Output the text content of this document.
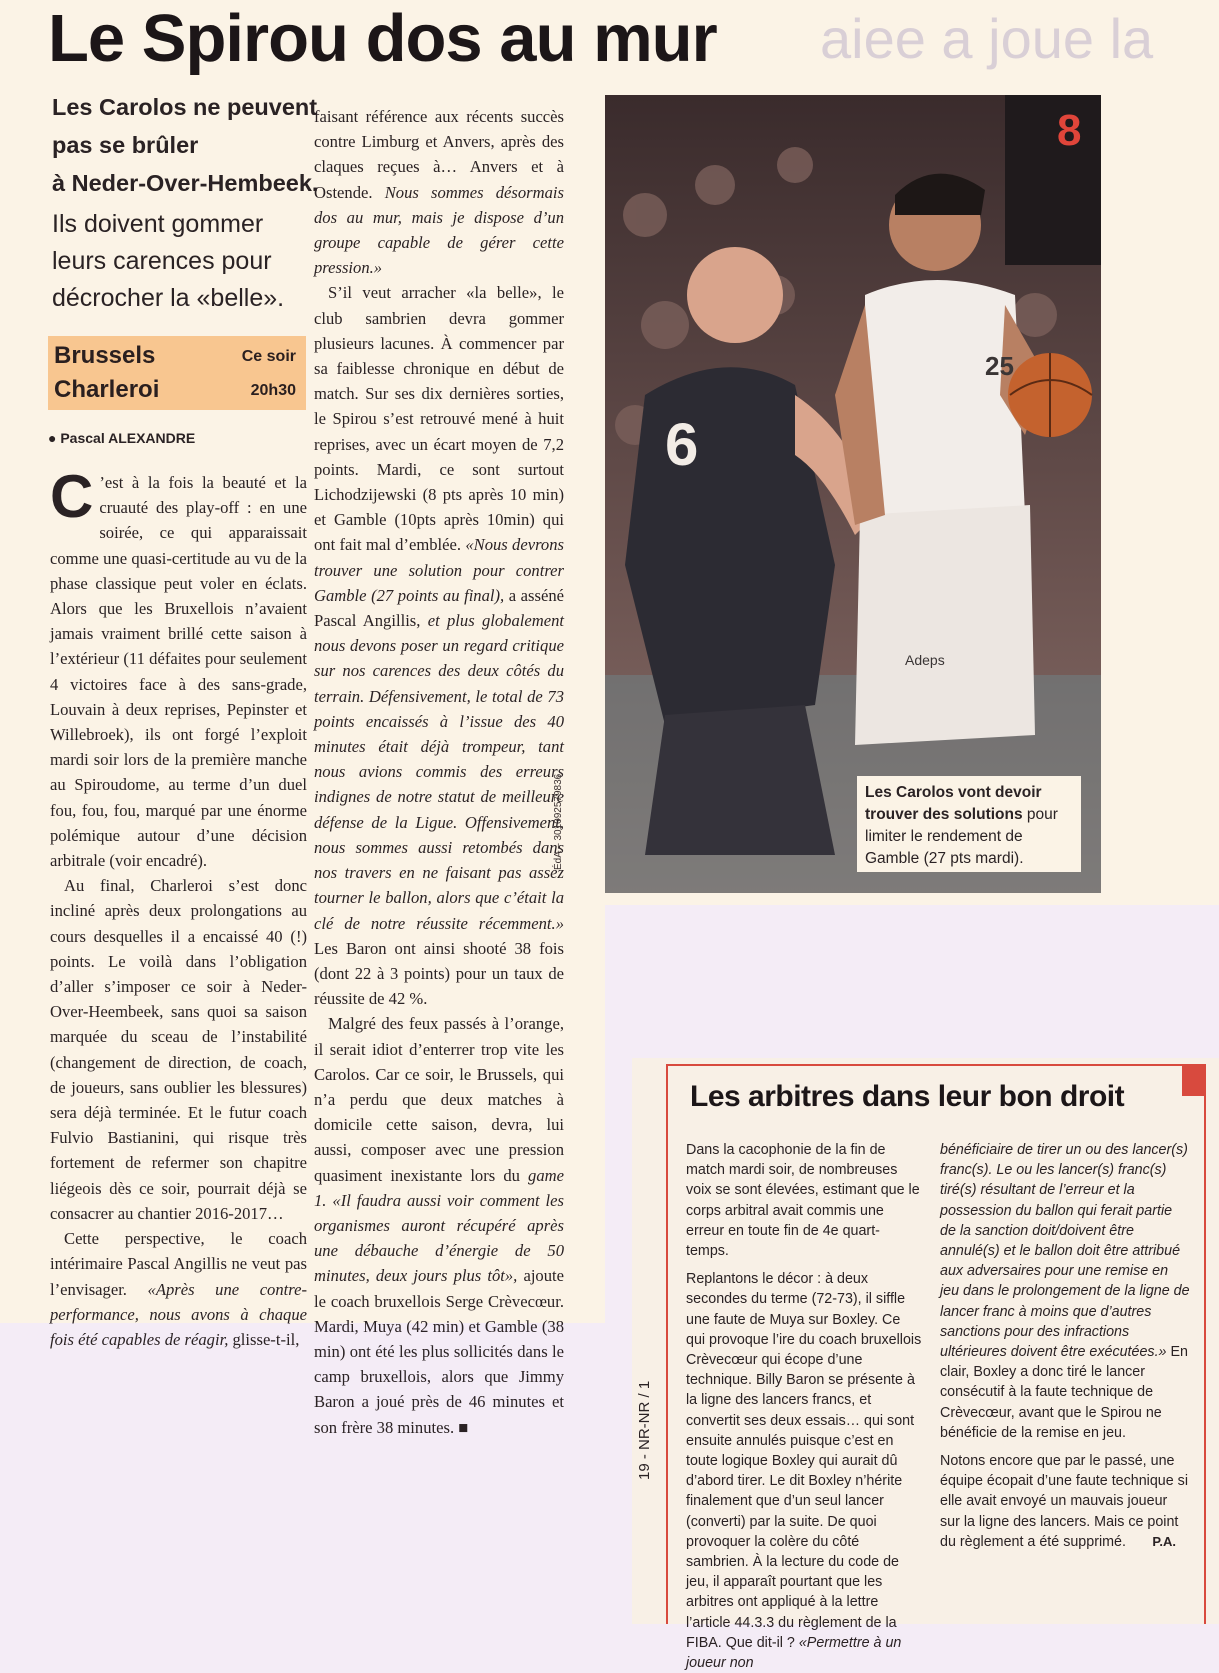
aiee a joue la
Le Spirou dos au mur
Les Carolos ne peuvent
pas se brûler
à Neder-Over-Hembeek.
Ils doivent gommer
leurs carences pour
décrocher la «belle».
Brussels
Charleroi
Ce soir
20h30
● Pascal ALEXANDRE

C ’est à la fois la beauté et la cruauté des play-off : en une soirée, ce qui apparaissait comme une quasi-certitude au vu de la phase classique peut voler en éclats. Alors que les Bruxellois n’avaient jamais vraiment brillé cette saison à l’extérieur (11 défaites pour seulement 4 victoires face à des sans-grade, Louvain à deux reprises, Pepinster et Willebroek), ils ont forgé l’exploit mardi soir lors de la première manche au Spiroudome, au terme d’un duel fou, fou, fou, marqué par une énorme polémique autour d’une décision arbitrale (voir encadré).

Au final, Charleroi s’est donc incliné après deux prolongations au cours desquelles il a encaissé 40 (!) points. Le voilà dans l’obligation d’aller s’imposer ce soir à Neder-Over-Heembeek, sans quoi sa saison marquée du sceau de l’instabilité (changement de direction, de coach, de joueurs, sans oublier les blessures) sera déjà terminée. Et le futur coach Fulvio Bastianini, qui risque très fortement de refermer son chapitre liégeois dès ce soir, pourrait déjà se consacrer au chantier 2016-2017…

Cette perspective, le coach intérimaire Pascal Angillis ne veut pas l’envisager. «Après une contre-performance, nous avons à chaque fois été capables de réagir, glisse-t-il,

faisant référence aux récents succès contre Limburg et Anvers, après des claques reçues à… Anvers et à Ostende. Nous sommes désormais dos au mur, mais je dispose d’un groupe capable de gérer cette pression.»

S’il veut arracher «la belle», le club sambrien devra gommer plusieurs lacunes. À commencer par sa faiblesse chronique en début de match. Sur ses dix dernières sorties, le Spirou s’est retrouvé mené à huit reprises, avec un écart moyen de 7,2 points. Mardi, ce sont surtout Lichodzijewski (8 pts après 10 min) et Gamble (10pts après 10min) qui ont fait mal d’emblée. «Nous devrons trouver une solution pour contrer Gamble (27 points au final), a asséné Pascal Angillis, et plus globalement nous devons poser un regard critique sur nos carences des deux côtés du terrain. Défensivement, le total de 73 points encaissés à l’issue des 40 minutes était déjà trompeur, tant nous avions commis des erreurs indignes de notre statut de meilleure défense de la Ligue. Offensivement, nous sommes aussi retombés dans nos travers en ne faisant pas assez tourner le ballon, alors que c’était la clé de notre réussite récemment.» Les Baron ont ainsi shooté 38 fois (dont 22 à 3 points) pour un taux de réussite de 42 %.

Malgré des feux passés à l’orange, il serait idiot d’enterrer trop vite les Carolos. Car ce soir, le Brussels, qui n’a perdu que deux matches à domicile cette saison, devra, lui aussi, composer avec une pression quasiment inexistante lors du game 1. «Il faudra aussi voir comment les organismes auront récupéré après une débauche d’énergie de 50 minutes, deux jours plus tôt», ajoute le coach bruxellois Serge Crèvecœur. Mardi, Muya (42 min) et Gamble (38 min) ont été les plus sollicités dans le camp bruxellois, alors que Jimmy Baron a joué près de 46 minutes et son frère 38 minutes. ■

ÉdA – 301092579836
8
6
25
Adeps
Les Carolos vont devoir trouver des solutions pour limiter le rendement de Gamble (27 pts mardi).
Les arbitres dans leur bon droit

Dans la cacophonie de la fin de match mardi soir, de nombreuses voix se sont élevées, estimant que le corps arbitral avait commis une erreur en toute fin de 4e quart-temps.

Replantons le décor : à deux secondes du terme (72-73), il siffle une faute de Muya sur Boxley. Ce qui provoque l’ire du coach bruxellois Crèvecœur qui écope d’une technique. Billy Baron se présente à la ligne des lancers francs, et convertit ses deux essais… qui sont ensuite annulés puisque c’est en toute logique Boxley qui aurait dû d’abord tirer. Le dit Boxley n’hérite finalement que d’un seul lancer (converti) par la suite. De quoi provoquer la colère du côté sambrien. À la lecture du code de jeu, il apparaît pourtant que les arbitres ont appliqué à la lettre l’article 44.3.3 du règlement de la FIBA. Que dit-il ? «Permettre à un joueur non

bénéficiaire de tirer un ou des lancer(s) franc(s). Le ou les lancer(s) franc(s) tiré(s) résultant de l’erreur et la possession du ballon qui ferait partie de la sanction doit/doivent être annulé(s) et le ballon doit être attribué aux adversaires pour une remise en jeu dans le prolongement de la ligne de lancer franc à moins que d’autres sanctions pour des infractions ultérieures doivent être exécutées.» En clair, Boxley a donc tiré le lancer consécutif à la faute technique de Crèvecœur, avant que le Spirou ne bénéficie de la remise en jeu.

Notons encore que par le passé, une équipe écopait d’une faute technique si elle avait envoyé un mauvais joueur sur la ligne des lancers. Mais ce point du règlement a été supprimé. P.A.

19 - NR-NR / 1
